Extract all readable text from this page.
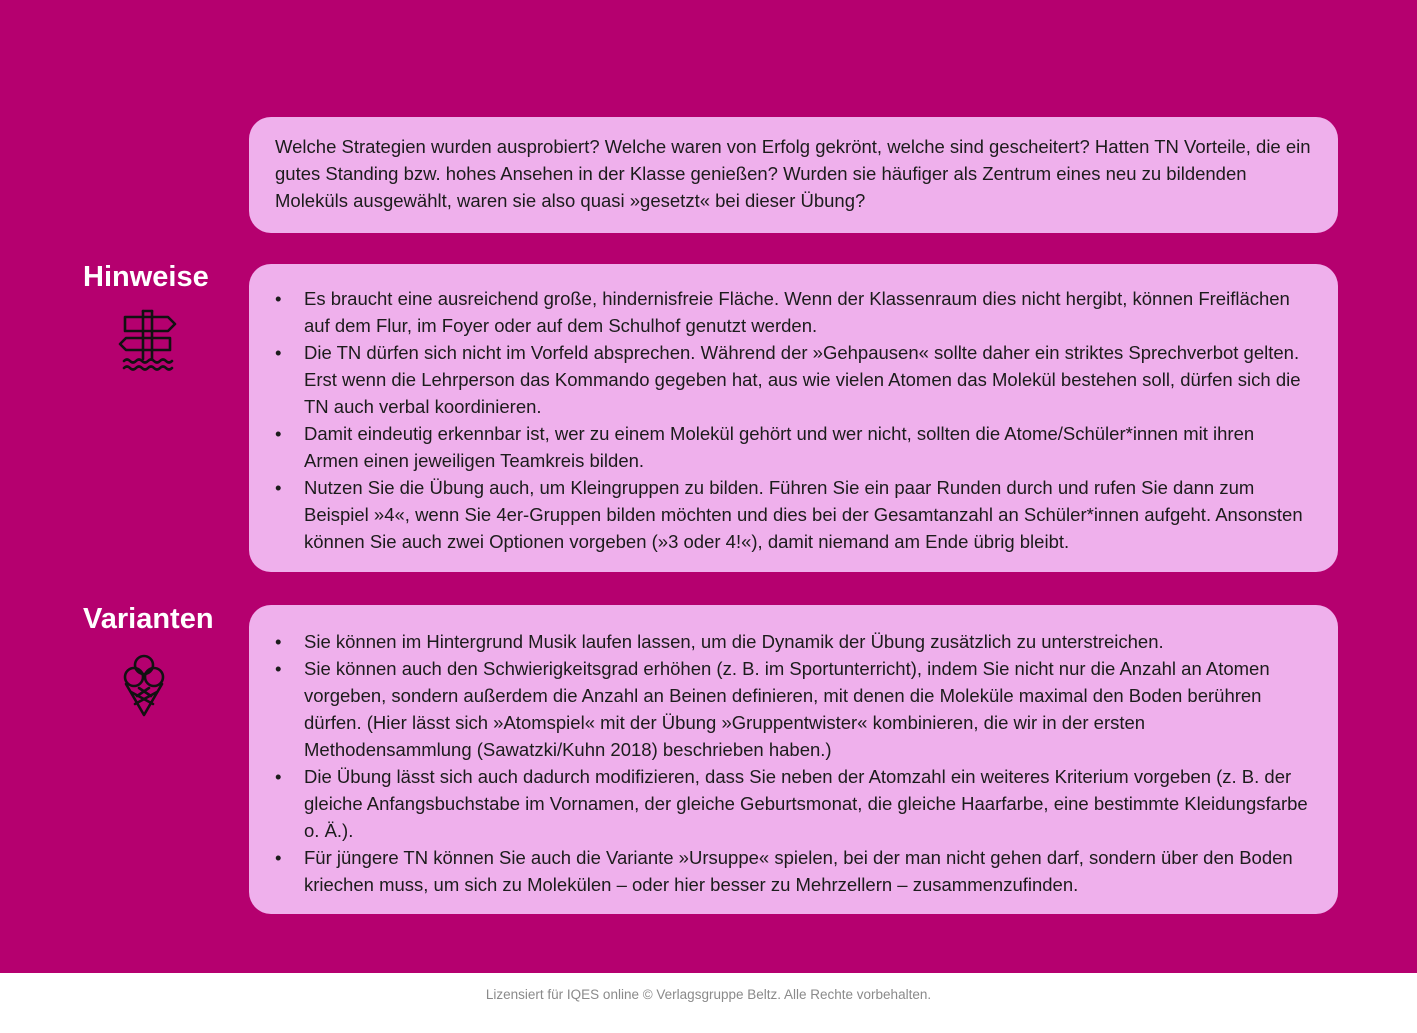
Welche Strategien wurden ausprobiert? Welche waren von Erfolg gekrönt, welche sind gescheitert? Hatten TN Vorteile, die ein gutes Standing bzw. hohes Ansehen in der Klasse genießen? Wurden sie häufiger als Zentrum eines neu zu bildenden Moleküls ausgewählt, waren sie also quasi »gesetzt« bei dieser Übung?

Hinweise
• Es braucht eine ausreichend große, hindernisfreie Fläche. Wenn der Klassenraum dies nicht hergibt, können Freiflächen auf dem Flur, im Foyer oder auf dem Schulhof genutzt werden.
• Die TN dürfen sich nicht im Vorfeld absprechen. Während der »Gehpausen« sollte daher ein striktes Sprechverbot gelten. Erst wenn die Lehrperson das Kommando gegeben hat, aus wie vielen Atomen das Molekül bestehen soll, dürfen sich die TN auch verbal koordinieren.
• Damit eindeutig erkennbar ist, wer zu einem Molekül gehört und wer nicht, sollten die Atome/Schüler*innen mit ihren Armen einen jeweiligen Teamkreis bilden.
• Nutzen Sie die Übung auch, um Kleingruppen zu bilden. Führen Sie ein paar Runden durch und rufen Sie dann zum Beispiel »4«, wenn Sie 4er-Gruppen bilden möchten und dies bei der Gesamtanzahl an Schüler*innen aufgeht. Ansonsten können Sie auch zwei Optionen vorgeben (»3 oder 4!«), damit niemand am Ende übrig bleibt.
Varianten
• Sie können im Hintergrund Musik laufen lassen, um die Dynamik der Übung zusätzlich zu unterstreichen.
• Sie können auch den Schwierigkeitsgrad erhöhen (z. B. im Sportunterricht), indem Sie nicht nur die Anzahl an Atomen vorgeben, sondern außerdem die Anzahl an Beinen definieren, mit denen die Moleküle maximal den Boden berühren dürfen. (Hier lässt sich »Atomspiel« mit der Übung »Gruppentwister« kombinieren, die wir in der ersten Methodensammlung (Sawatzki/Kuhn 2018) beschrieben haben.)
• Die Übung lässt sich auch dadurch modifizieren, dass Sie neben der Atomzahl ein weiteres Kriterium vorgeben (z. B. der gleiche Anfangsbuchstabe im Vornamen, der gleiche Geburtsmonat, die gleiche Haarfarbe, eine bestimmte Kleidungsfarbe o. Ä.).
• Für jüngere TN können Sie auch die Variante »Ursuppe« spielen, bei der man nicht gehen darf, sondern über den Boden kriechen muss, um sich zu Molekülen – oder hier besser zu Mehrzellern – zusammenzufinden.
Lizensiert für IQES online © Verlagsgruppe Beltz. Alle Rechte vorbehalten.
